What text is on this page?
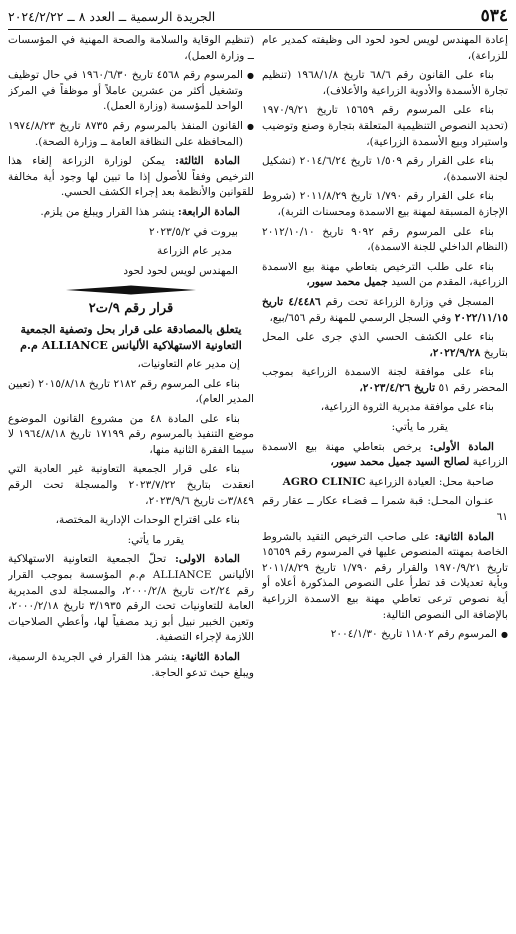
٥٣٤
الجريدة الرسمية ــ العدد ٨ ــ ٢٠٢٤/٢/٢٢

إعادة المهندس لويس لحود لحود الى وظيفته كمدير عام للزراعة)،

بناء على القانون رقم ٦٨/٦ تاريخ ١٩٦٨/١/٨ (تنظيم تجارة الأسمدة والأدوية الزراعية والأعلاف)،

بناء على المرسوم رقم ١٥٦٥٩ تاريخ ١٩٧٠/٩/٢١ (تحديد النصوص التنظيمية المتعلقة بتجارة وصنع وتوضيب واستيراد وبيع الأسمدة الزراعية)،

بناء على القرار رقم ١/٥٠٩ تاريخ ٢٠١٤/٦/٢٤ (تشكيل لجنة الاسمدة)،

بناء على القرار رقم ١/٧٩٠ تاريخ ٢٠١١/٨/٢٩ (شروط الإجازة المسبقة لمهنة بيع الاسمدة ومحسنات التربة)،

بناء على المرسوم رقم ٩٠٩٢ تاريخ ٢٠١٢/١٠/١٠ (النظام الداخلي للجنة الاسمدة)،

بناء على طلب الترخيص بتعاطي مهنة بيع الاسمدة الزراعية، المقدم من السيد جميل محمد سيور،

المسجل في وزارة الزراعة تحت رقم ٤/٤٤٨٦ تاريخ ٢٠٢٢/١١/١٥ وفي السجل الرسمي للمهنة رقم ٦٥٦/بيع،

بناء على الكشف الحسي الذي جرى على المحل بتاريخ ٢٠٢٢/٩/٢٨،

بناء على موافقة لجنة الاسمدة الزراعية بموجب المحضر رقم ٥١ تاريخ ٢٠٢٣/٤/٢٦،

بناء على موافقة مديرية الثروة الزراعية،

يقرر ما يأتي:

المادة الأولى: يرخص بتعاطي مهنة بيع الاسمدة الزراعية لصالح السيد جميل محمد سيور،

صاحبة محل: العيادة الزراعية AGRO CLINIC

عنـوان المحـل: قبة شمرا ــ قضـاء عكار ــ عقار رقم ٦١

المادة الثانية: على صاحب الترخيص التقيد بالشروط الخاصة بمهنته المنصوص عليها في المرسوم رقم ١٥٦٥٩ تاريخ ١٩٧٠/٩/٢١ والقرار رقم ١/٧٩٠ تاريخ ٢٠١١/٨/٢٩ وبأية تعديلات قد تطرأ على النصوص المذكورة أعلاه أو أية نصوص ترعى تعاطي مهنة بيع الاسمدة الزراعية بالإضافة الى النصوص التالية:

● المرسوم رقم ١١٨٠٢ تاريخ ٢٠٠٤/١/٣٠

(تنظيم الوقاية والسلامة والصحة المهنية في المؤسسات ــ وزارة العمل)،

● المرسوم رقم ٤٥٦٨ تاريخ ١٩٦٠/٦/٣٠ في حال توظيف وتشغيل أكثر من عشرين عاملاً أو موظفاً في المركز الواحد للمؤسسة (وزارة العمل).

● القانون المنفذ بالمرسوم رقم ٨٧٣٥ تاريخ ١٩٧٤/٨/٢٣ (المحافظة على النظافة العامة ــ وزارة الصحة).

المادة الثالثة: يمكن لوزارة الزراعة إلغاء هذا الترخيص وفقاً للأصول إذا ما تبين لها وجود أية مخالفة للقوانين والأنظمة بعد إجراء الكشف الحسي.

المادة الرابعة: ينشر هذا القرار ويبلغ من يلزم.

بيروت في ٢٠٢٣/٥/٢

مدير عام الزراعة

المهندس لويس لحود لحود

قرار رقم ٩/ت٢

يتعلق بالمصادقة على قرار بحل وتصفية الجمعية التعاونية الاستهلاكية الأليانس ALLIANCE م.م

إن مدير عام التعاونيات،

بناء على المرسوم رقم ٢١٨٢ تاريخ ٢٠١٥/٨/١٨ (تعيين المدير العام)،

بناء على المادة ٤٨ من مشروع القانون الموضوع موضع التنفيذ بالمرسوم رقم ١٧١٩٩ تاريخ ١٩٦٤/٨/١٨ لا سيما الفقرة الثانية منها،

بناء على قرار الجمعية التعاونية غير العادية التي انعقدت بتاريخ ٢٠٢٣/٧/٢٢ والمسجلة تحت الرقم ٣/٨٤٩ت تاريخ ٢٠٢٣/٩/٦،

بناء على اقتراح الوحدات الإدارية المختصة،

يقرر ما يأتي:

المادة الاولى: تحلّ الجمعية التعاونية الاستهلاكية الأليانس ALLIANCE م.م المؤسسة بموجب القرار رقم ٢/٢٤ت تاريخ ٢٠٠٠/٢/٨، والمسجلة لدى المديرية العامة للتعاونيات تحت الرقم ٣/١٩٣٥ تاريخ ٢٠٠٠/٢/١٨، وتعين الخبير نبيل أبو زيد مصفياً لها، وأعطي الصلاحيات اللازمة لإجراء التصفية.

المادة الثانية: ينشر هذا القرار في الجريدة الرسمية، ويبلغ حيث تدعو الحاجة.
